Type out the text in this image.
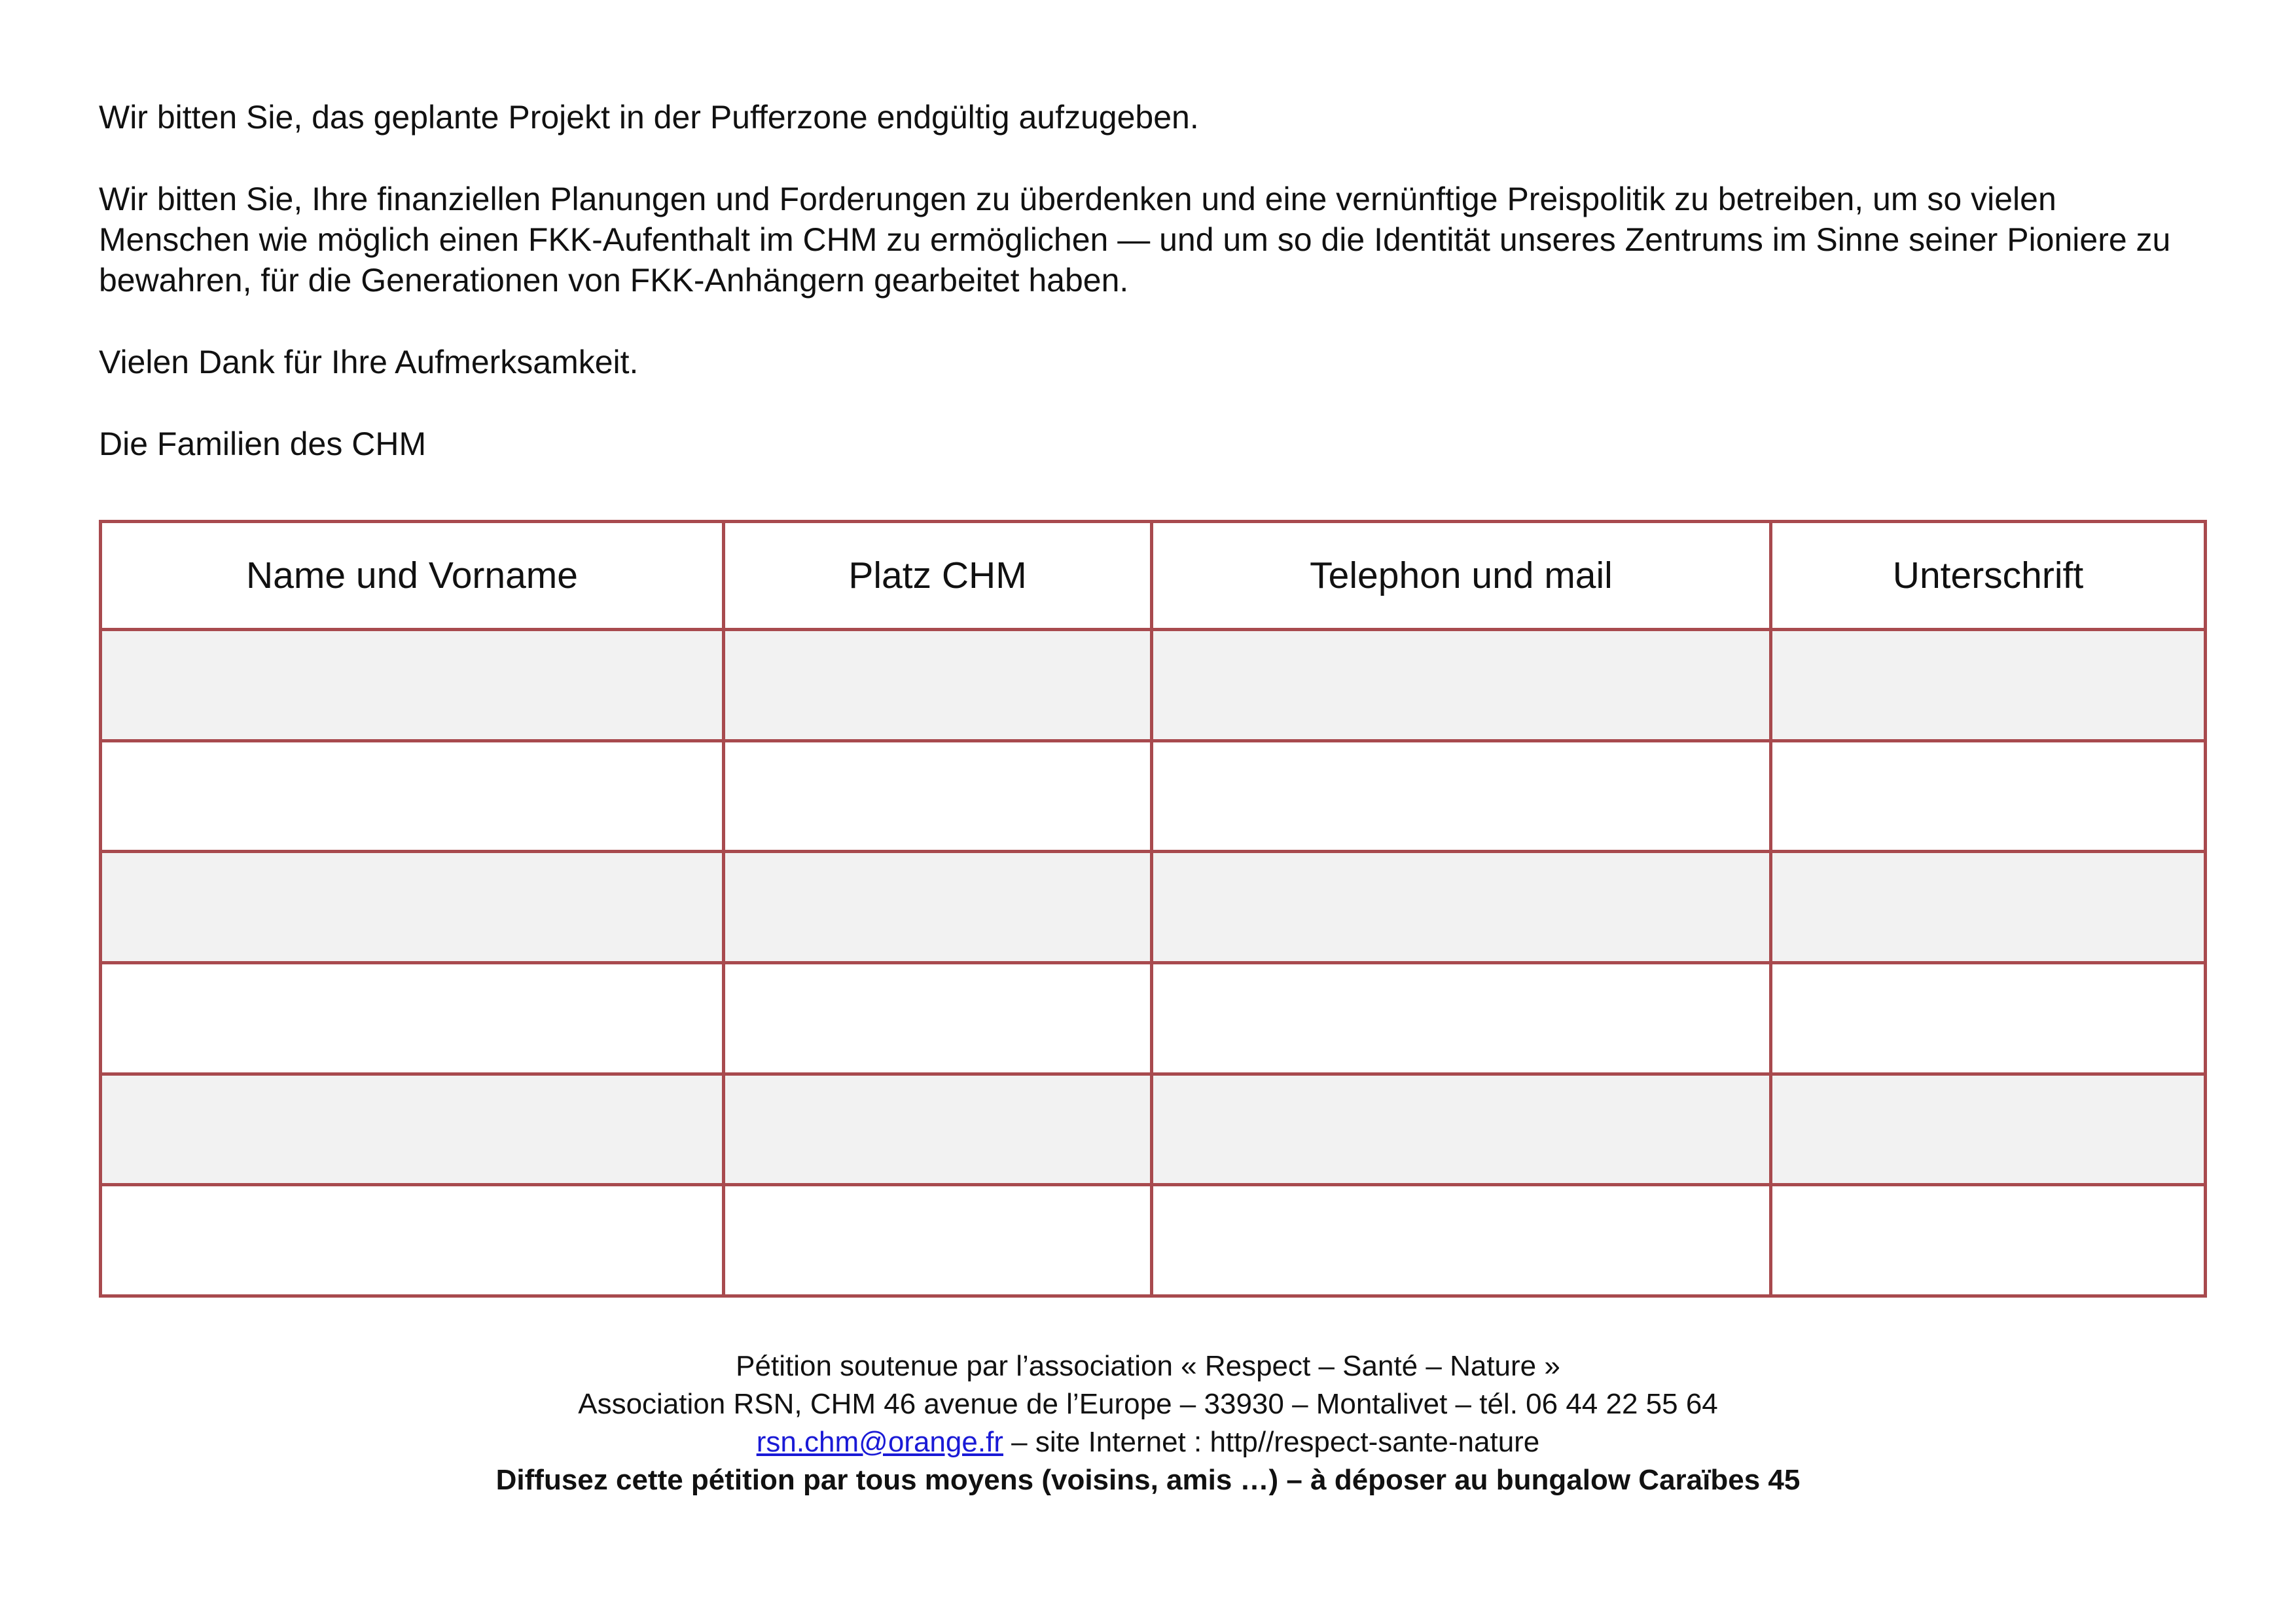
Wir bitten Sie, das geplante Projekt in der Pufferzone endgültig aufzugeben.

Wir bitten Sie, Ihre finanziellen Planungen und Forderungen zu überdenken und eine vernünftige Preispolitik zu betreiben, um so vielen Menschen wie möglich einen FKK-Aufenthalt im CHM zu ermöglichen — und um so die Identität unseres Zentrums im Sinne seiner Pioniere zu bewahren, für die Generationen von FKK-Anhängern gearbeitet haben.

Vielen Dank für Ihre Aufmerksamkeit.

Die Familien des CHM

Name und Vorname	Platz CHM	Telephon und mail	Unterschrift

Pétition soutenue par l’association « Respect – Santé – Nature »
Association RSN, CHM 46 avenue de l’Europe – 33930 – Montalivet – tél. 06 44 22 55 64
rsn.chm@orange.fr – site Internet : http//respect-sante-nature
Diffusez cette pétition par tous moyens (voisins, amis …) – à déposer au bungalow Caraïbes 45
